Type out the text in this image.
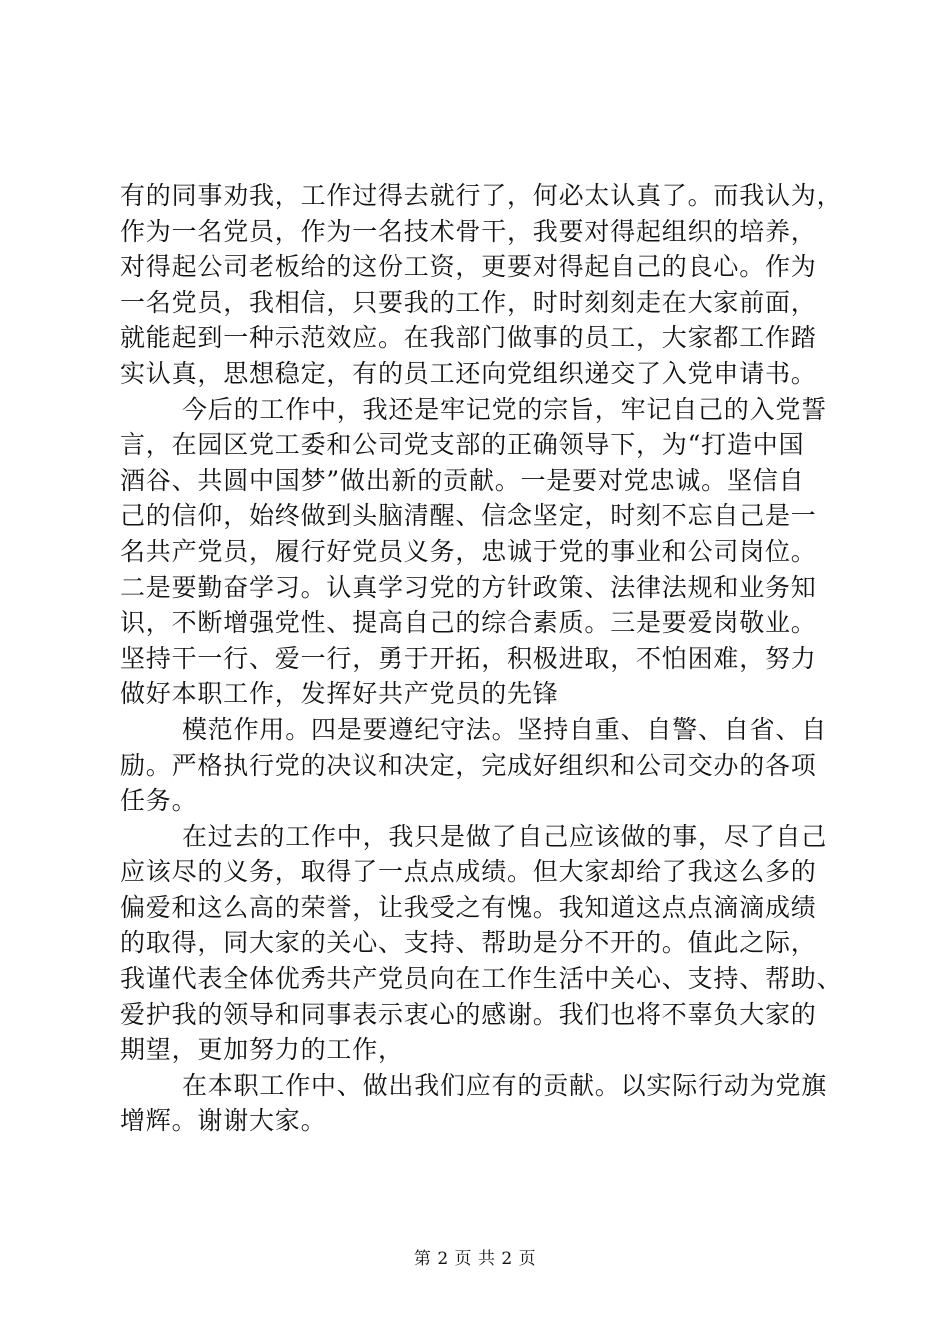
有的同事劝我，工作过得去就行了，何必太认真了。而我认为，
作为一名党员，作为一名技术骨干，我要对得起组织的培养，
对得起公司老板给的这份工资，更要对得起自己的良心。作为
一名党员，我相信，只要我的工作，时时刻刻走在大家前面，
就能起到一种示范效应。在我部门做事的员工，大家都工作踏
实认真，思想稳定，有的员工还向党组织递交了入党申请书。
今后的工作中，我还是牢记党的宗旨，牢记自己的入党誓
言，在园区党工委和公司党支部的正确领导下，为“打造中国
酒谷、共圆中国梦”做出新的贡献。一是要对党忠诚。坚信自
己的信仰，始终做到头脑清醒、信念坚定，时刻不忘自己是一
名共产党员，履行好党员义务，忠诚于党的事业和公司岗位。
二是要勤奋学习。认真学习党的方针政策、法律法规和业务知
识，不断增强党性、提高自己的综合素质。三是要爱岗敬业。
坚持干一行、爱一行，勇于开拓，积极进取，不怕困难，努力
做好本职工作，发挥好共产党员的先锋
模范作用。四是要遵纪守法。坚持自重、自警、自省、自
励。严格执行党的决议和决定，完成好组织和公司交办的各项
任务。
在过去的工作中，我只是做了自己应该做的事，尽了自己
应该尽的义务，取得了一点点成绩。但大家却给了我这么多的
偏爱和这么高的荣誉，让我受之有愧。我知道这点点滴滴成绩
的取得，同大家的关心、支持、帮助是分不开的。值此之际，
我谨代表全体优秀共产党员向在工作生活中关心、支持、帮助、
爱护我的领导和同事表示衷心的感谢。我们也将不辜负大家的
期望，更加努力的工作，
在本职工作中、做出我们应有的贡献。以实际行动为党旗
增辉。谢谢大家。
第 2 页 共 2 页
